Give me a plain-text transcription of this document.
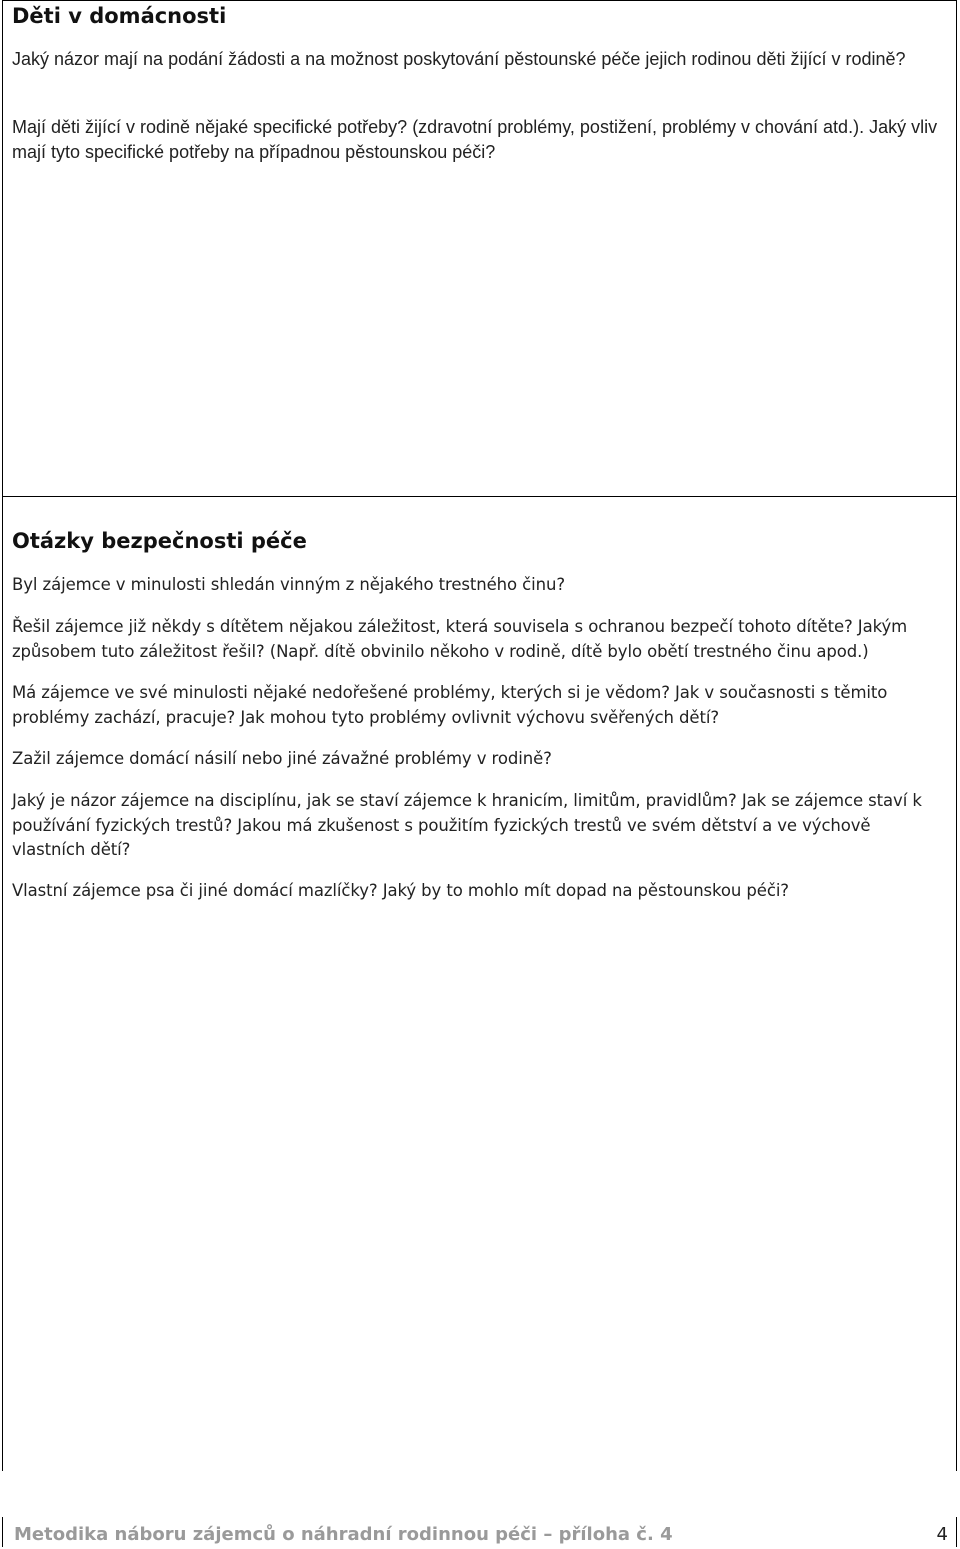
Děti v domácnosti

Jaký názor mají na podání žádosti a na možnost poskytování pěstounské péče jejich rodinou děti žijící v rodině?

Mají děti žijící v rodině nějaké specifické potřeby? (zdravotní problémy, postižení, problémy v chování atd.). Jaký vliv mají tyto specifické potřeby na případnou pěstounskou péči?

Otázky bezpečnosti péče

Byl zájemce v minulosti shledán vinným z nějakého trestného činu?

Řešil zájemce již někdy s dítětem nějakou záležitost, která souvisela s ochranou bezpečí tohoto dítěte? Jakým způsobem tuto záležitost řešil? (Např. dítě obvinilo někoho v rodině, dítě bylo obětí trestného činu apod.)

Má zájemce ve své minulosti nějaké nedořešené problémy, kterých si je vědom? Jak v současnosti s těmito problémy zachází, pracuje? Jak mohou tyto problémy ovlivnit výchovu svěřených dětí?

Zažil zájemce domácí násilí nebo jiné závažné problémy v rodině?

Jaký je názor zájemce na disciplínu, jak se staví zájemce k hranicím, limitům, pravidlům? Jak se zájemce staví k používání fyzických trestů? Jakou má zkušenost s použitím fyzických trestů ve svém dětství a ve výchově vlastních dětí?

Vlastní zájemce psa či jiné domácí mazlíčky? Jaký by to mohlo mít dopad na pěstounskou péči?

Metodika náboru zájemců o náhradní rodinnou péči – příloha č. 4	4
